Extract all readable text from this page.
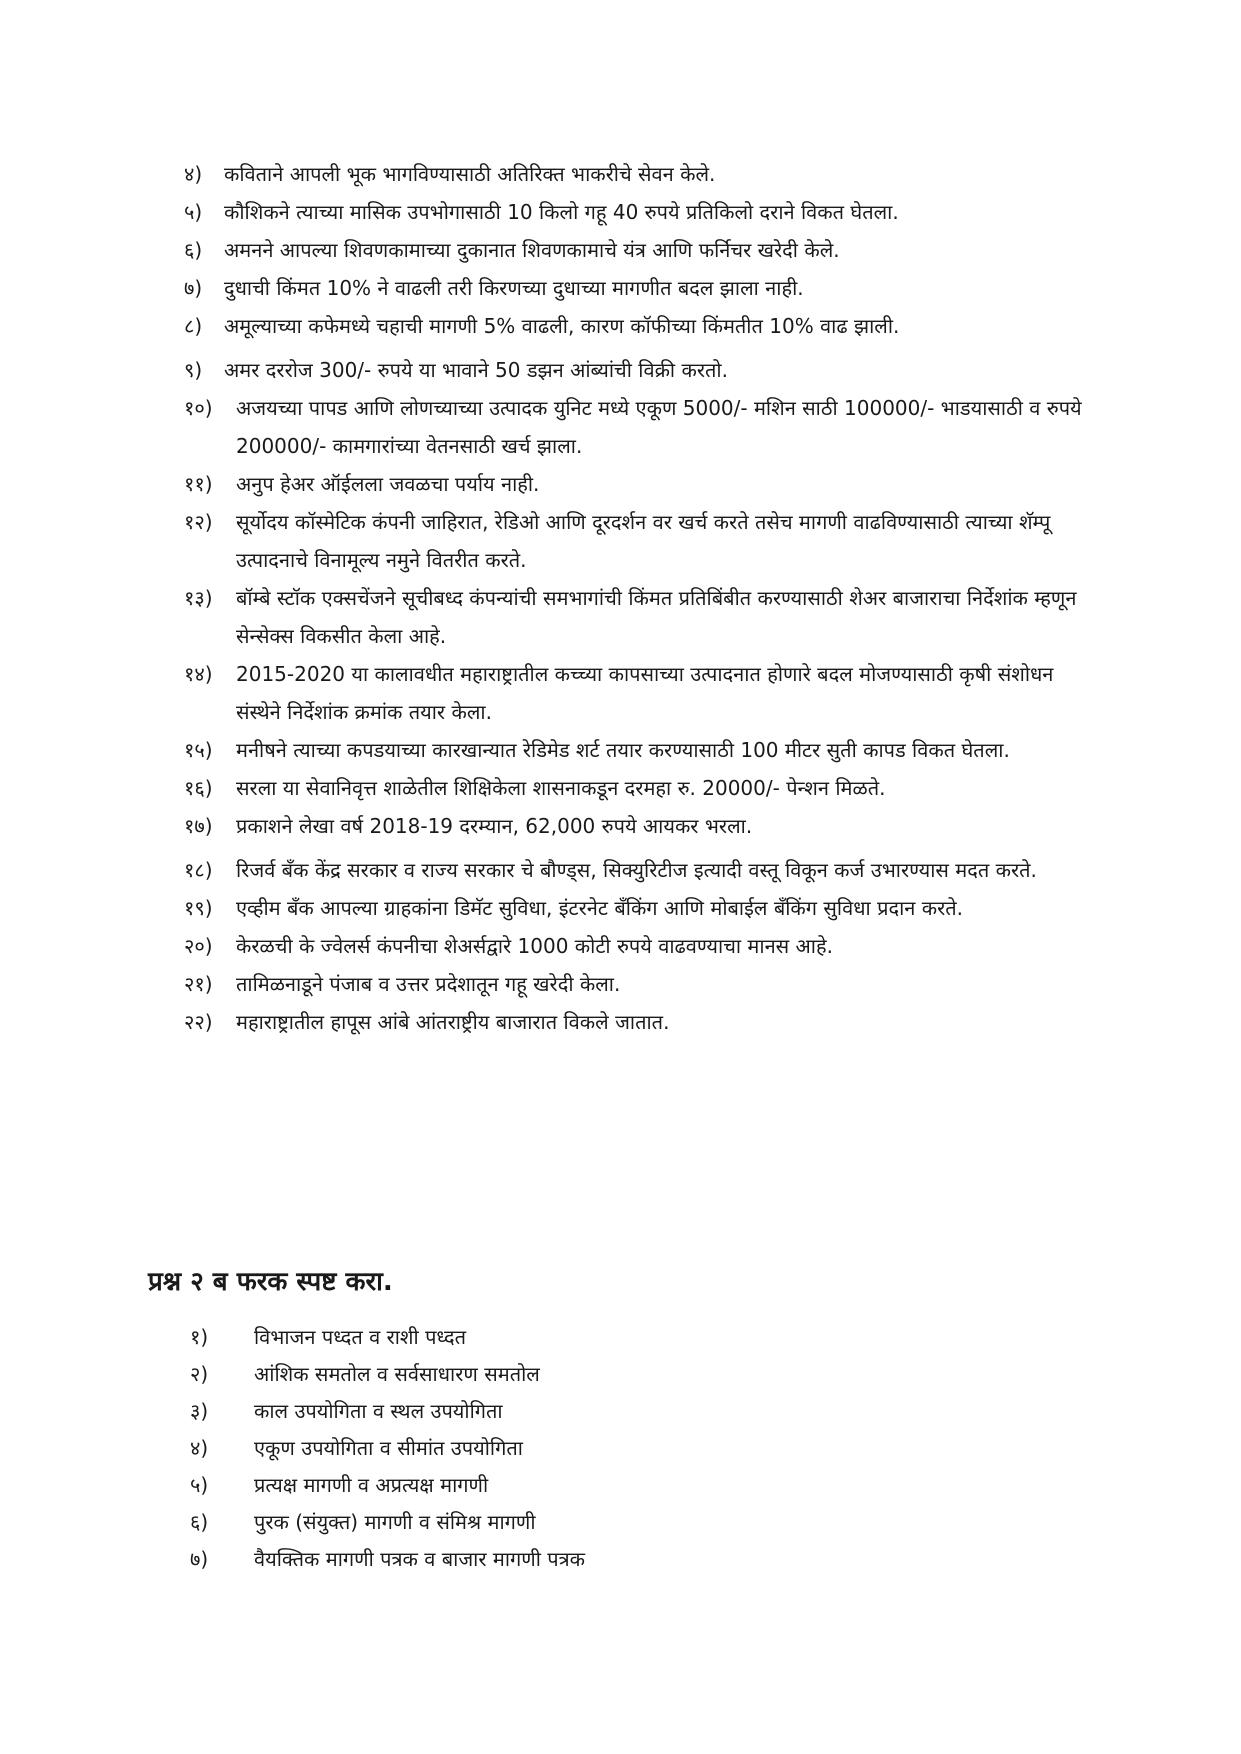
४)	कविताने आपली भूक भागविण्यासाठी अतिरिक्त भाकरीचे सेवन केले.
५)	कौशिकने त्याच्या मासिक उपभोगासाठी 10 किलो गहू 40 रुपये प्रतिकिलो दराने विकत घेतला.
६)	अमनने आपल्या शिवणकामाच्या दुकानात शिवणकामाचे यंत्र आणि फर्निचर खरेदी केले.
७)	दुधाची किंमत 10% ने वाढली तरी किरणच्या दुधाच्या मागणीत बदल झाला नाही.
८)	अमूल्याच्या कफेमध्ये चहाची मागणी 5% वाढली, कारण कॉफीच्या किंमतीत 10% वाढ झाली.
९)	अमर दररोज 300/- रुपये या भावाने 50 डझन आंब्यांची विक्री करतो.
१०)	अजयच्या पापड आणि लोणच्याच्या उत्पादक युनिट मध्ये एकूण 5000/- मशिन साठी 100000/- भाडयासाठी व रुपये 200000/- कामगारांच्या वेतनसाठी खर्च झाला.
११)	अनुप हेअर ऑईलला जवळचा पर्याय नाही.
१२)	सूर्योदय कॉस्मेटिक कंपनी जाहिरात, रेडिओ आणि दूरदर्शन वर खर्च करते तसेच मागणी वाढविण्यासाठी त्याच्या शॅम्पू उत्पादनाचे विनामूल्य नमुने वितरीत करते.
१३)	बॉम्बे स्टॉक एक्सचेंजने सूचीबध्द कंपन्यांची समभागांची किंमत प्रतिबिंबीत करण्यासाठी शेअर बाजाराचा निर्देशांक म्हणून सेन्सेक्स विकसीत केला आहे.
१४)	2015-2020 या कालावधीत महाराष्ट्रातील कच्च्या कापसाच्या उत्पादनात होणारे बदल मोजण्यासाठी कृषी संशोधन संस्थेने निर्देशांक क्रमांक तयार केला.
१५)	मनीषने त्याच्या कपडयाच्या कारखान्यात रेडिमेड शर्ट तयार करण्यासाठी 100 मीटर सुती कापड विकत घेतला.
१६)	सरला या सेवानिवृत्त शाळेतील शिक्षिकेला शासनाकडून दरमहा रु. 20000/- पेन्शन मिळते.
१७)	प्रकाशने लेखा वर्ष 2018-19 दरम्यान, 62,000 रुपये आयकर भरला.
१८)	रिजर्व बँक केंद्र सरकार व राज्य सरकार चे बौण्ड्स, सिक्युरिटीज इत्यादी वस्तू विकून कर्ज उभारण्यास मदत करते.
१९)	एव्हीम बँक आपल्या ग्राहकांना डिमॅट सुविधा, इंटरनेट बॅंकिंग आणि मोबाईल बॅंकिंग सुविधा प्रदान करते.
२०)	केरळची के ज्वेलर्स कंपनीचा शेअर्सद्वारे 1000 कोटी रुपये वाढवण्याचा मानस आहे.
२१)	तामिळनाडूने पंजाब व उत्तर प्रदेशातून गहू खरेदी केला.
२२)	महाराष्ट्रातील हापूस आंबे आंतराष्ट्रीय बाजारात विकले जातात.
प्रश्न २ ब फरक स्पष्ट करा.
१)	विभाजन पध्दत व राशी पध्दत
२)	आंशिक समतोल व सर्वसाधारण समतोल
३)	काल उपयोगिता व स्थल उपयोगिता
४)	एकूण उपयोगिता व सीमांत उपयोगिता
५)	प्रत्यक्ष मागणी व अप्रत्यक्ष मागणी
६)	पुरक (संयुक्त) मागणी व संमिश्र मागणी
७)	वैयक्तिक मागणी पत्रक व बाजार मागणी पत्रक
